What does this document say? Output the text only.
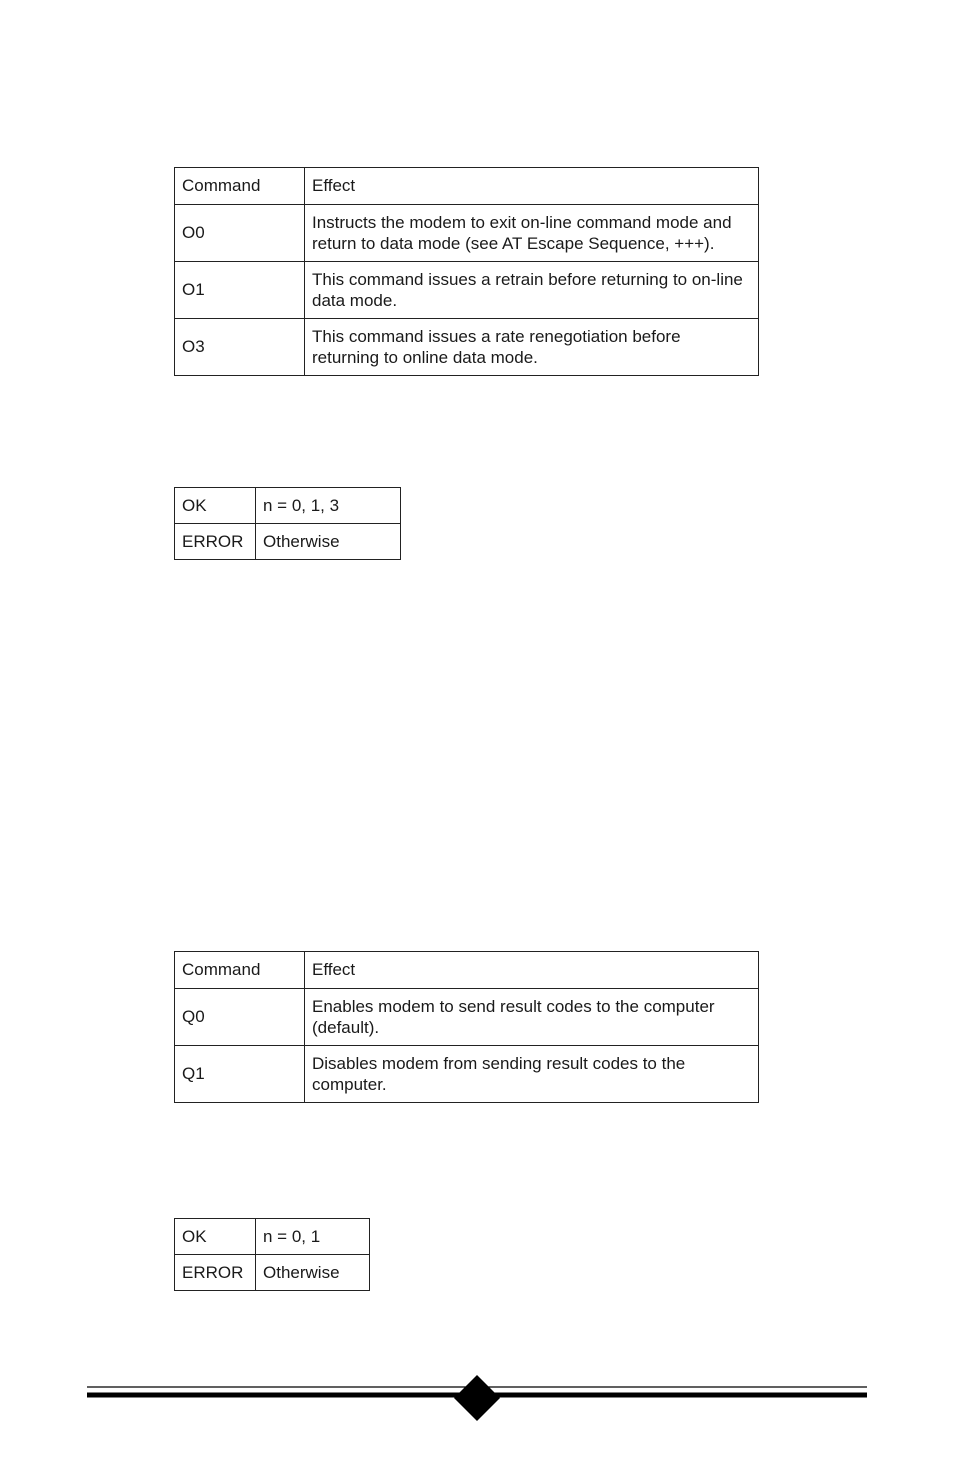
Command	Effect
O0	Instructs the modem to exit on-line command mode and return to data mode (see AT Escape Sequence, +++).
O1	This command issues a retrain before returning to on-line data mode.
O3	This command issues a rate renegotiation before returning to online data mode.
OK	n = 0, 1, 3
ERROR	Otherwise
Command	Effect
Q0	Enables modem to send result codes to the computer (default).
Q1	Disables modem from sending result codes to the computer.
OK	n = 0, 1
ERROR	Otherwise
